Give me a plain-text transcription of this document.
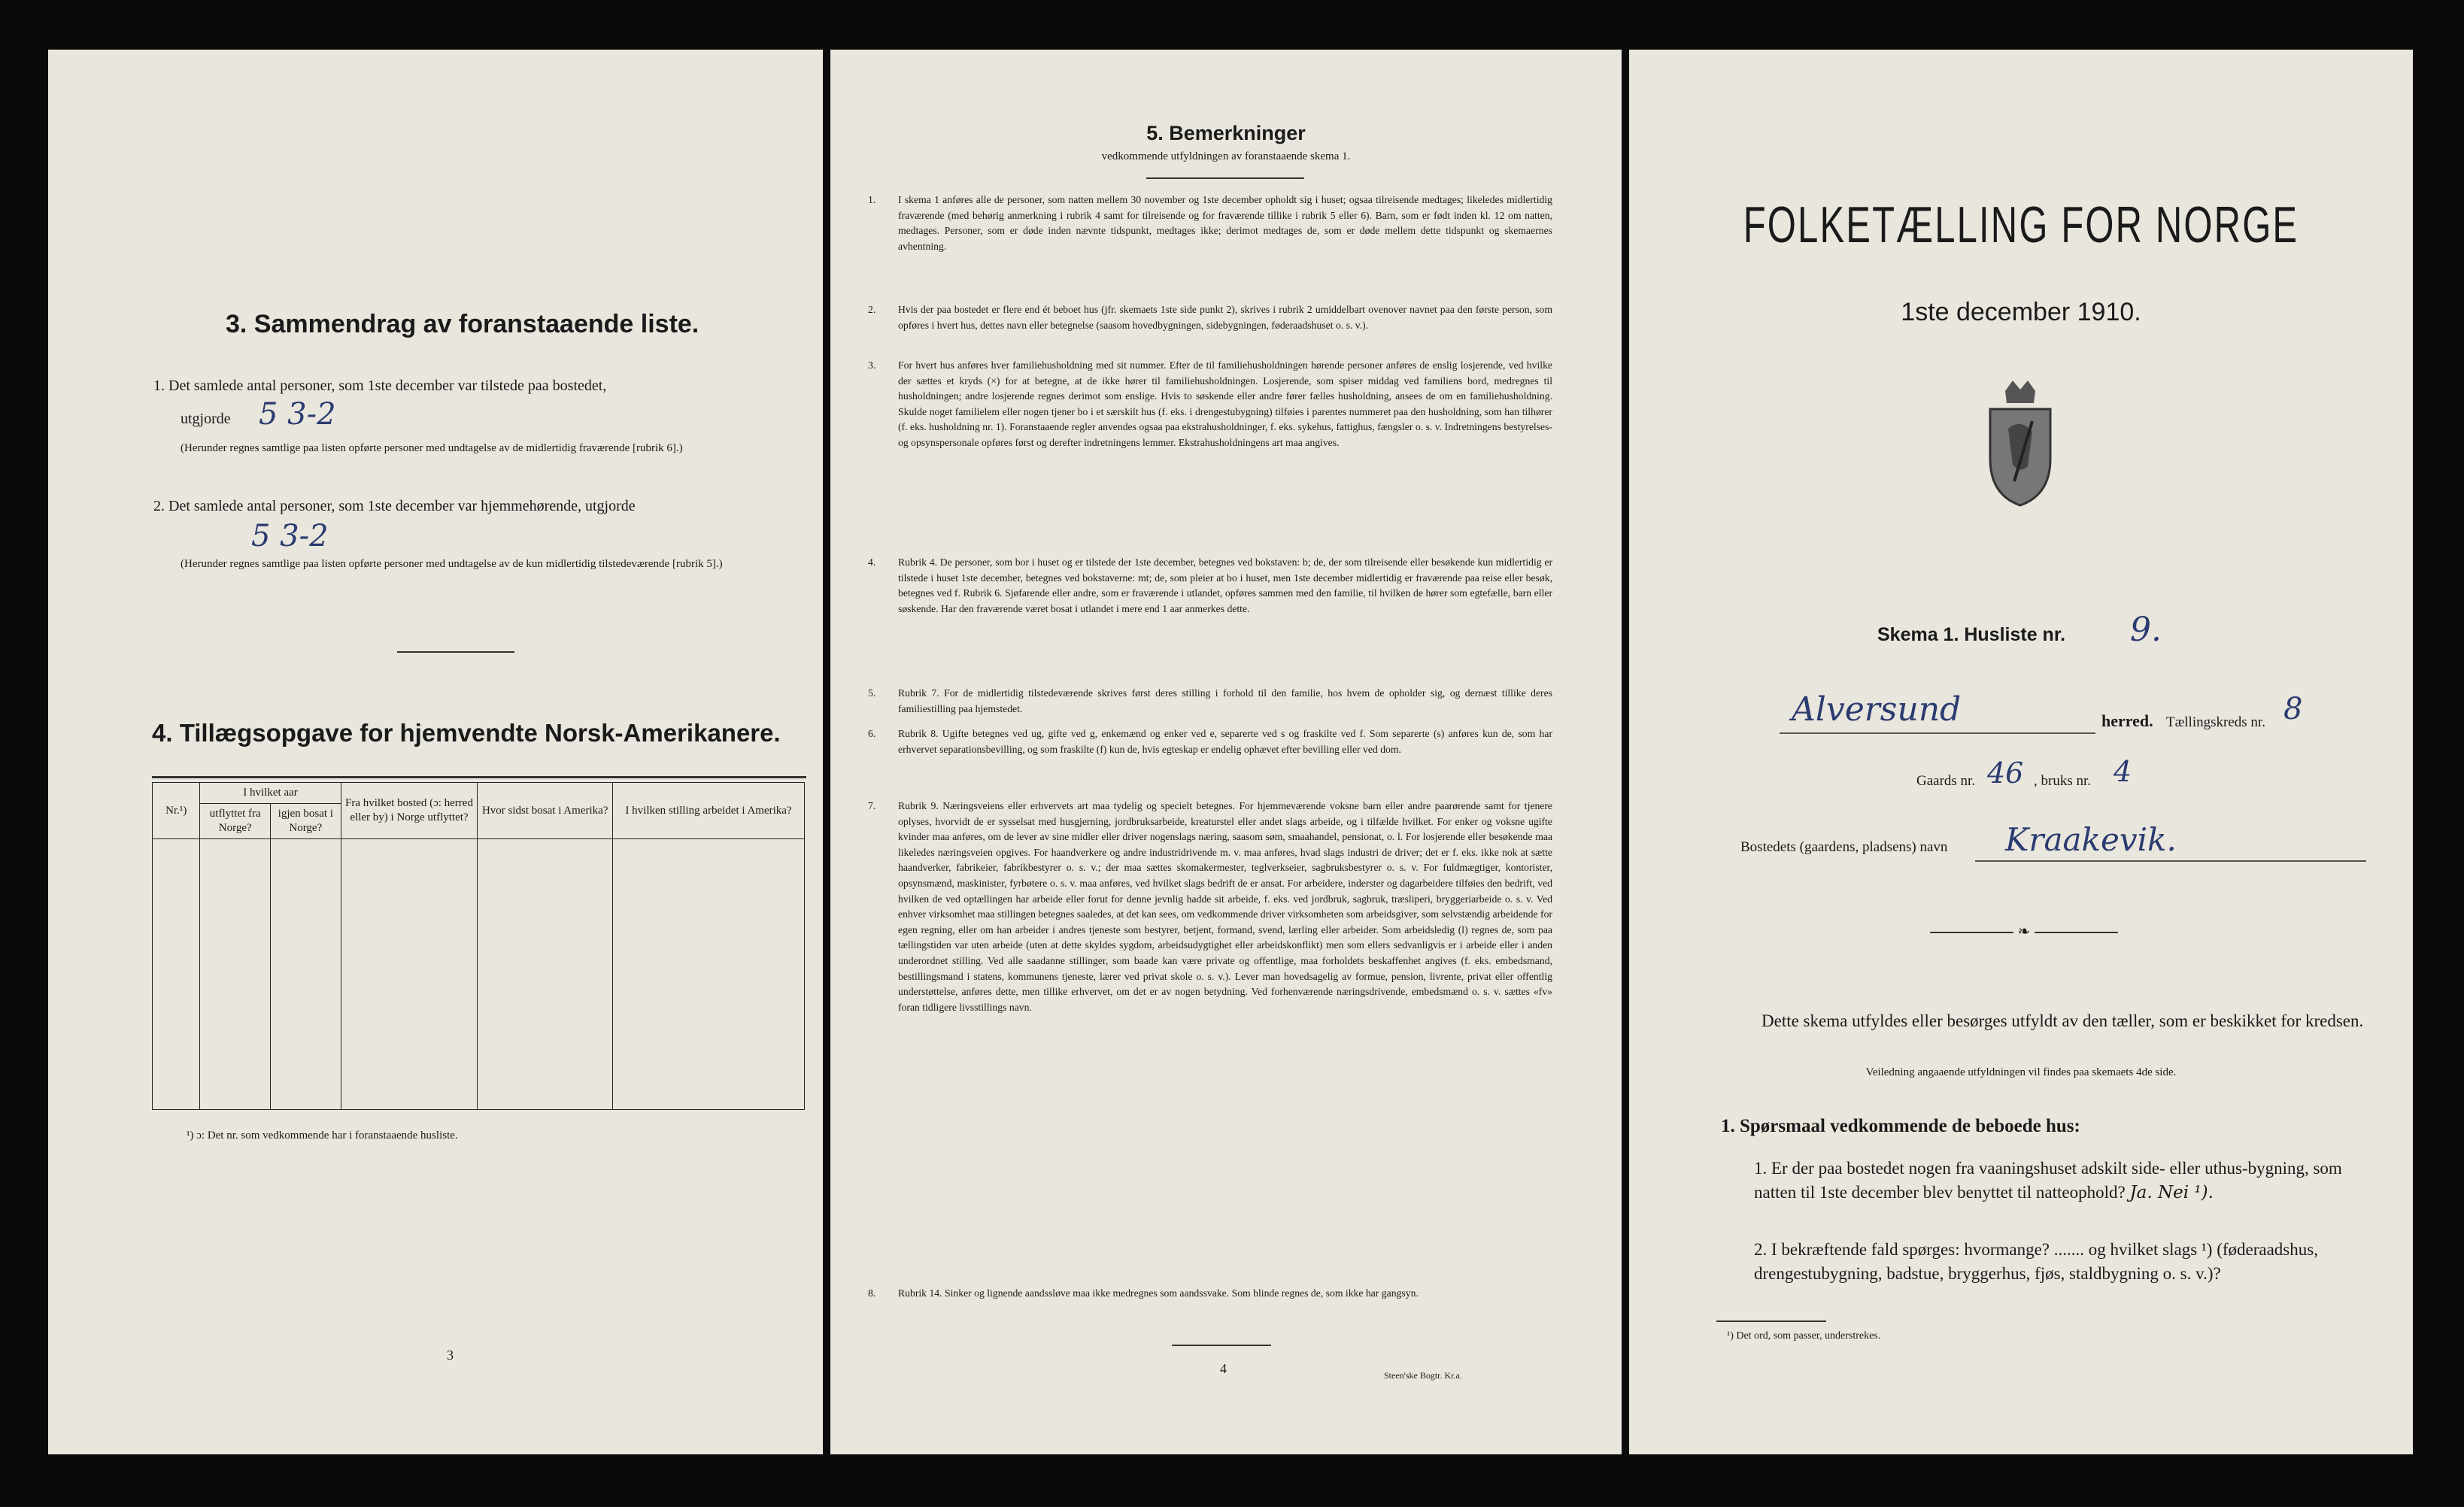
3. Sammendrag av foranstaaende liste.
1. Det samlede antal personer, som 1ste december var tilstede paa bostedet,
utgjorde 5 3-2
(Herunder regnes samtlige paa listen opførte personer med undtagelse av de midlertidig fraværende [rubrik 6].)
2. Det samlede antal personer, som 1ste december var hjemmehørende, utgjorde
5 3-2
(Herunder regnes samtlige paa listen opførte personer med undtagelse av de kun midlertidig tilstedeværende [rubrik 5].)
4. Tillægsopgave for hjemvendte Norsk-Amerikanere.
Nr.¹)	I hvilket aar		Fra hvilket bosted (ɔ: herred eller by) i Norge utflyttet?	Hvor sidst bosat i Amerika?	I hvilken stilling arbeidet i Amerika?
	utflyttet fra Norge?	igjen bosat i Norge?			

¹) ɔ: Det nr. som vedkommende har i foranstaaende husliste.
3
5. Bemerkninger
vedkommende utfyldningen av foranstaaende skema 1.
1. I skema 1 anføres alle de personer, som natten mellem 30 november og 1ste december opholdt sig i huset; ogsaa tilreisende medtages; likeledes midlertidig fraværende (med behørig anmerkning i rubrik 4 samt for tilreisende og for fraværende tillike i rubrik 5 eller 6). Barn, som er født inden kl. 12 om natten, medtages. Personer, som er døde inden nævnte tidspunkt, medtages ikke; derimot medtages de, som er døde mellem dette tidspunkt og skemaernes avhentning.
2. Hvis der paa bostedet er flere end ét beboet hus (jfr. skemaets 1ste side punkt 2), skrives i rubrik 2 umiddelbart ovenover navnet paa den første person, som opføres i hvert hus, dettes navn eller betegnelse (saasom hovedbygningen, sidebygningen, føderaadshuset o. s. v.).
3. For hvert hus anføres hver familiehusholdning med sit nummer. Efter de til familiehusholdningen hørende personer anføres de enslig losjerende, ved hvilke der sættes et kryds (×) for at betegne, at de ikke hører til familiehusholdningen. Losjerende, som spiser middag ved familiens bord, medregnes til husholdningen; andre losjerende regnes derimot som enslige. Hvis to søskende eller andre fører fælles husholdning, ansees de om en familiehusholdning. Skulde noget familielem eller nogen tjener bo i et særskilt hus (f. eks. i drengestubygning) tilføies i parentes nummeret paa den husholdning, som han tilhører (f. eks. husholdning nr. 1). Foranstaaende regler anvendes ogsaa paa ekstrahusholdninger, f. eks. sykehus, fattighus, fængsler o. s. v. Indretningens bestyrelses- og opsynspersonale opføres først og derefter indretningens lemmer. Ekstrahusholdningens art maa angives.
4. Rubrik 4. De personer, som bor i huset og er tilstede der 1ste december, betegnes ved bokstaven: b; de, der som tilreisende eller besøkende kun midlertidig er tilstede i huset 1ste december, betegnes ved bokstaverne: mt; de, som pleier at bo i huset, men 1ste december midlertidig er fraværende paa reise eller besøk, betegnes ved f. Rubrik 6. Sjøfarende eller andre, som er fraværende i utlandet, opføres sammen med den familie, til hvilken de hører som egtefælle, barn eller søskende. Har den fraværende været bosat i utlandet i mere end 1 aar anmerkes dette.
5. Rubrik 7. For de midlertidig tilstedeværende skrives først deres stilling i forhold til den familie, hos hvem de opholder sig, og dernæst tillike deres familiestilling paa hjemstedet.
6. Rubrik 8. Ugifte betegnes ved ug, gifte ved g, enkemænd og enker ved e, separerte ved s og fraskilte ved f. Som separerte (s) anføres kun de, som har erhvervet separationsbevilling, og som fraskilte (f) kun de, hvis egteskap er endelig ophævet efter bevilling eller ved dom.
7. Rubrik 9. Næringsveiens eller erhvervets art maa tydelig og specielt betegnes. For hjemmeværende voksne barn eller andre paarørende samt for tjenere oplyses, hvorvidt de er sysselsat med husgjerning, jordbruksarbeide, kreaturstel eller andet slags arbeide, og i tilfælde hvilket. For enker og voksne ugifte kvinder maa anføres, om de lever av sine midler eller driver nogenslags næring, saasom søm, smaahandel, pensionat, o. l. For losjerende eller besøkende maa likeledes næringsveien opgives. For haandverkere og andre industridrivende m. v. maa anføres, hvad slags industri de driver; det er f. eks. ikke nok at sætte haandverker, fabrikeier, fabrikbestyrer o. s. v.; der maa sættes skomakermester, teglverkseier, sagbruksbestyrer o. s. v. For fuldmægtiger, kontorister, opsynsmænd, maskinister, fyrbøtere o. s. v. maa anføres, ved hvilket slags bedrift de er ansat. For arbeidere, inderster og dagarbeidere tilføies den bedrift, ved hvilken de ved optællingen har arbeide eller forut for denne jevnlig hadde sit arbeide, f. eks. ved jordbruk, sagbruk, træsliperi, bryggeriarbeide o. s. v. Ved enhver virksomhet maa stillingen betegnes saaledes, at det kan sees, om vedkommende driver virksomheten som arbeidsgiver, som selvstændig arbeidende for egen regning, eller om han arbeider i andres tjeneste som bestyrer, betjent, formand, svend, lærling eller arbeider. Som arbeidsledig (l) regnes de, som paa tællingstiden var uten arbeide (uten at dette skyldes sygdom, arbeidsudygtighet eller arbeidskonflikt) men som ellers sedvanligvis er i arbeide eller i anden underordnet stilling. Ved alle saadanne stillinger, som baade kan være private og offentlige, maa forholdets beskaffenhet angives (f. eks. embedsmand, bestillingsmand i statens, kommunens tjeneste, lærer ved privat skole o. s. v.). Lever man hovedsagelig av formue, pension, livrente, privat eller offentlig understøttelse, anføres dette, men tillike erhvervet, om det er av nogen betydning. Ved forhenværende næringsdrivende, embedsmænd o. s. v. sættes «fv» foran tidligere livsstillings navn.
8. Rubrik 14. Sinker og lignende aandssløve maa ikke medregnes som aandssvake. Som blinde regnes de, som ikke har gangsyn.
4	Steen'ske Bogtr. Kr.a.
FOLKETÆLLING FOR NORGE
1ste december 1910.
Skema 1. Husliste nr. 9.
Alversund	herred. Tællingskreds nr. 8
Gaards nr. 46 , bruks nr. 4
Bostedets (gaardens, pladsens) navn Kraakevik.
❧
Dette skema utfyldes eller besørges utfyldt av den tæller, som er beskikket for kredsen.
Veiledning angaaende utfyldningen vil findes paa skemaets 4de side.
1. Spørsmaal vedkommende de beboede hus:
1. Er der paa bostedet nogen fra vaaningshuset adskilt side- eller uthus-bygning, som natten til 1ste december blev benyttet til natteophold? Ja. Nei ¹).
2. I bekræftende fald spørges: hvormange? ....... og hvilket slags ¹) (føderaadshus, drengestubygning, badstue, bryggerhus, fjøs, staldbygning o. s. v.)?
¹) Det ord, som passer, understrekes.
